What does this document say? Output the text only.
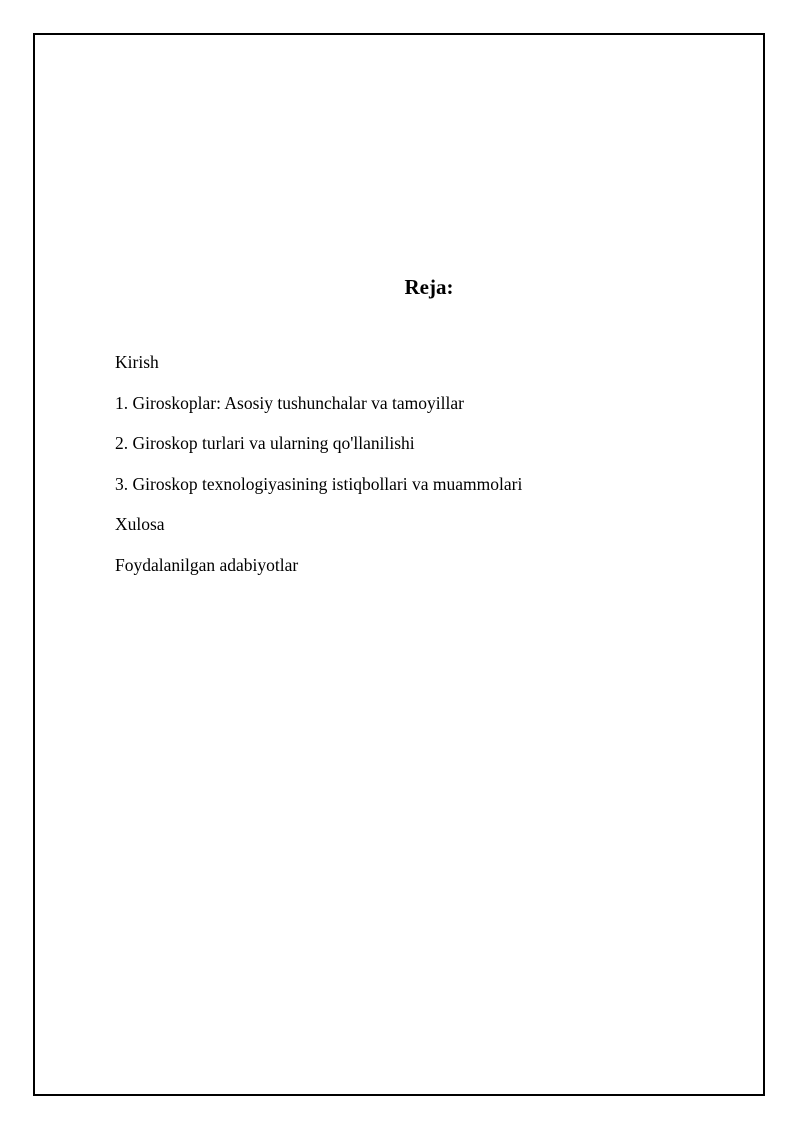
Reja:
Kirish
1. Giroskoplar: Asosiy tushunchalar va tamoyillar
2. Giroskop turlari va ularning qo'llanilishi
3. Giroskop texnologiyasining istiqbollari va muammolari
Xulosa
Foydalanilgan adabiyotlar
